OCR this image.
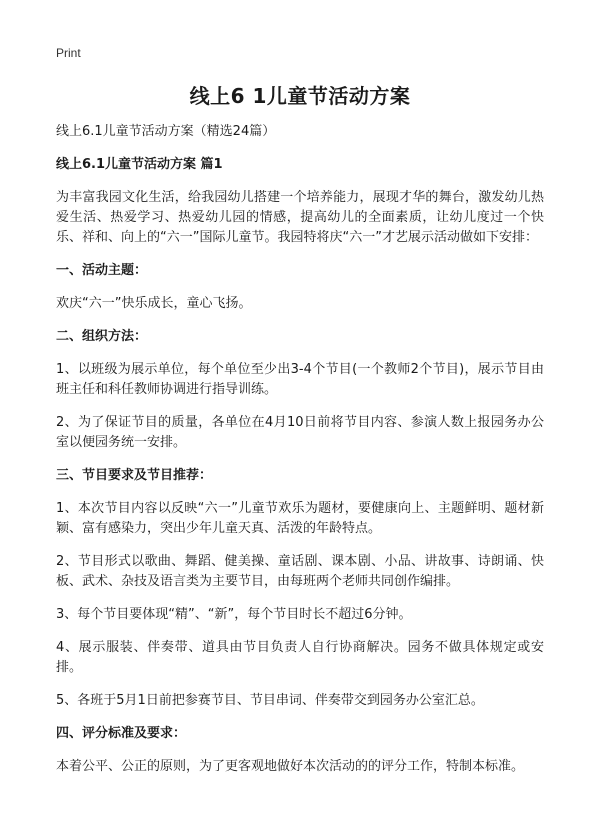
Print
线上6 1儿童节活动方案

线上6.1儿童节活动方案（精选24篇）

线上6.1儿童节活动方案 篇1

为丰富我园文化生活，给我园幼儿搭建一个培养能力，展现才华的舞台，激发幼儿热爱生活、热爱学习、热爱幼儿园的情感，提高幼儿的全面素质，让幼儿度过一个快乐、祥和、向上的“六一”国际儿童节。我园特将庆“六一”才艺展示活动做如下安排：

一、活动主题：

欢庆“六一”快乐成长，童心飞扬。

二、组织方法：

1、以班级为展示单位，每个单位至少出3-4个节目(一个教师2个节目)，展示节目由班主任和科任教师协调进行指导训练。

2、为了保证节目的质量，各单位在4月10日前将节目内容、参演人数上报园务办公室以便园务统一安排。

三、节目要求及节目推荐：

1、本次节目内容以反映“六一”儿童节欢乐为题材，要健康向上、主题鲜明、题材新颖、富有感染力，突出少年儿童天真、活泼的年龄特点。

2、节目形式以歌曲、舞蹈、健美操、童话剧、课本剧、小品、讲故事、诗朗诵、快板、武术、杂技及语言类为主要节目，由每班两个老师共同创作编排。

3、每个节目要体现“精”、“新”，每个节目时长不超过6分钟。

4、展示服装、伴奏带、道具由节目负责人自行协商解决。园务不做具体规定或安排。

5、各班于5月1日前把参赛节目、节目串词、伴奏带交到园务办公室汇总。

四、评分标准及要求：

本着公平、公正的原则，为了更客观地做好本次活动的的评分工作，特制本标准。
